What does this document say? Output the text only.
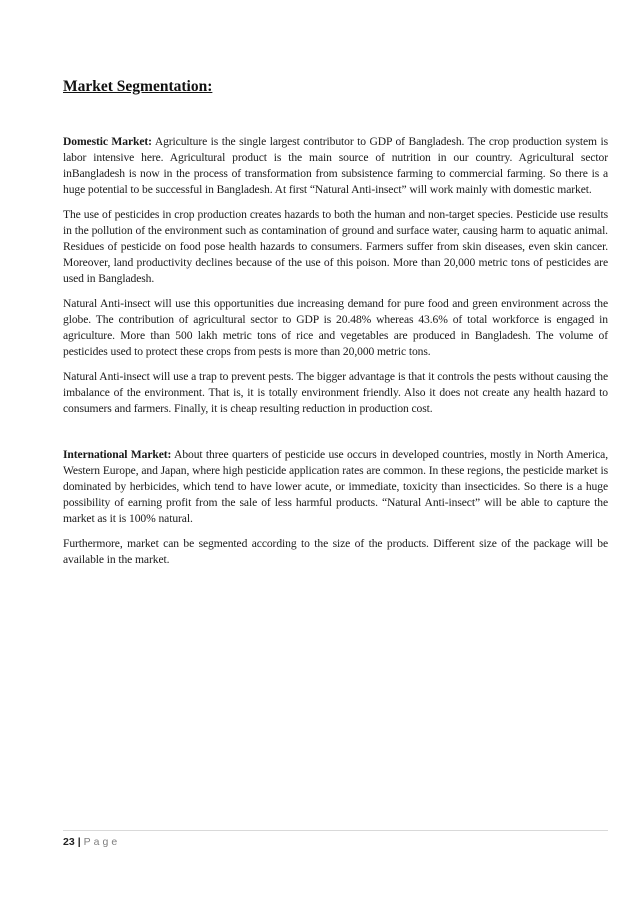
Market Segmentation:

Domestic Market: Agriculture is the single largest contributor to GDP of Bangladesh. The crop production system is labor intensive here. Agricultural product is the main source of nutrition in our country. Agricultural sector inBangladesh is now in the process of transformation from subsistence farming to commercial farming. So there is a huge potential to be successful in Bangladesh. At first “Natural Anti-insect” will work mainly with domestic market.

The use of pesticides in crop production creates hazards to both the human and non-target species. Pesticide use results in the pollution of the environment such as contamination of ground and surface water, causing harm to aquatic animal. Residues of pesticide on food pose health hazards to consumers. Farmers suffer from skin diseases, even skin cancer. Moreover, land productivity declines because of the use of this poison. More than 20,000 metric tons of pesticides are used in Bangladesh.

Natural Anti-insect will use this opportunities due increasing demand for pure food and green environment across the globe. The contribution of agricultural sector to GDP is 20.48% whereas 43.6% of total workforce is engaged in agriculture. More than 500 lakh metric tons of rice and vegetables are produced in Bangladesh. The volume of pesticides used to protect these crops from pests is more than 20,000 metric tons.

Natural Anti-insect will use a trap to prevent pests. The bigger advantage is that it controls the pests without causing the imbalance of the environment. That is, it is totally environment friendly. Also it does not create any health hazard to consumers and farmers. Finally, it is cheap resulting reduction in production cost.

International Market: About three quarters of pesticide use occurs in developed countries, mostly in North America, Western Europe, and Japan, where high pesticide application rates are common. In these regions, the pesticide market is dominated by herbicides, which tend to have lower acute, or immediate, toxicity than insecticides. So there is a huge possibility of earning profit from the sale of less harmful products. “Natural Anti-insect” will be able to capture the market as it is 100% natural.

Furthermore, market can be segmented according to the size of the products. Different size of the package will be available in the market.

23 | Page
